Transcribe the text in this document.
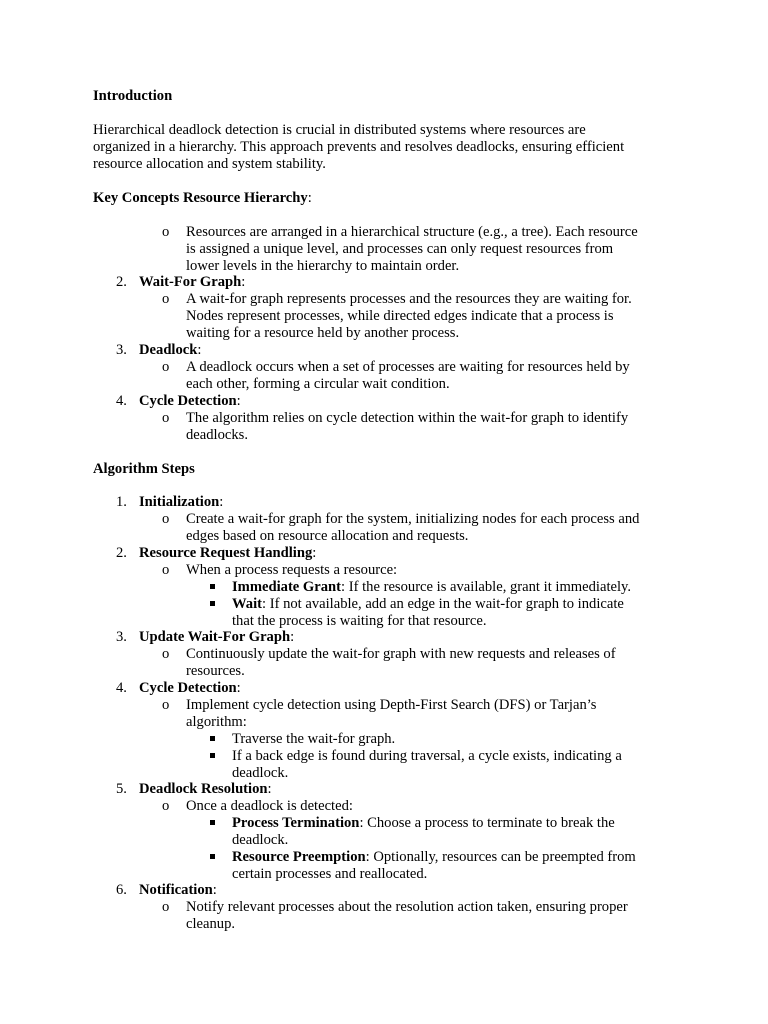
Introduction
Hierarchical deadlock detection is crucial in distributed systems where resources are
organized in a hierarchy. This approach prevents and resolves deadlocks, ensuring efficient
resource allocation and system stability.
Key Concepts Resource Hierarchy:
o Resources are arranged in a hierarchical structure (e.g., a tree). Each resource
is assigned a unique level, and processes can only request resources from
lower levels in the hierarchy to maintain order.
2. Wait-For Graph:
o A wait-for graph represents processes and the resources they are waiting for.
Nodes represent processes, while directed edges indicate that a process is
waiting for a resource held by another process.
3. Deadlock:
o A deadlock occurs when a set of processes are waiting for resources held by
each other, forming a circular wait condition.
4. Cycle Detection:
o The algorithm relies on cycle detection within the wait-for graph to identify
deadlocks.
Algorithm Steps
1. Initialization:
o Create a wait-for graph for the system, initializing nodes for each process and
edges based on resource allocation and requests.
2. Resource Request Handling:
o When a process requests a resource:
Immediate Grant: If the resource is available, grant it immediately.
Wait: If not available, add an edge in the wait-for graph to indicate
that the process is waiting for that resource.
3. Update Wait-For Graph:
o Continuously update the wait-for graph with new requests and releases of
resources.
4. Cycle Detection:
o Implement cycle detection using Depth-First Search (DFS) or Tarjan’s
algorithm:
Traverse the wait-for graph.
If a back edge is found during traversal, a cycle exists, indicating a
deadlock.
5. Deadlock Resolution:
o Once a deadlock is detected:
Process Termination: Choose a process to terminate to break the
deadlock.
Resource Preemption: Optionally, resources can be preempted from
certain processes and reallocated.
6. Notification:
o Notify relevant processes about the resolution action taken, ensuring proper
cleanup.
